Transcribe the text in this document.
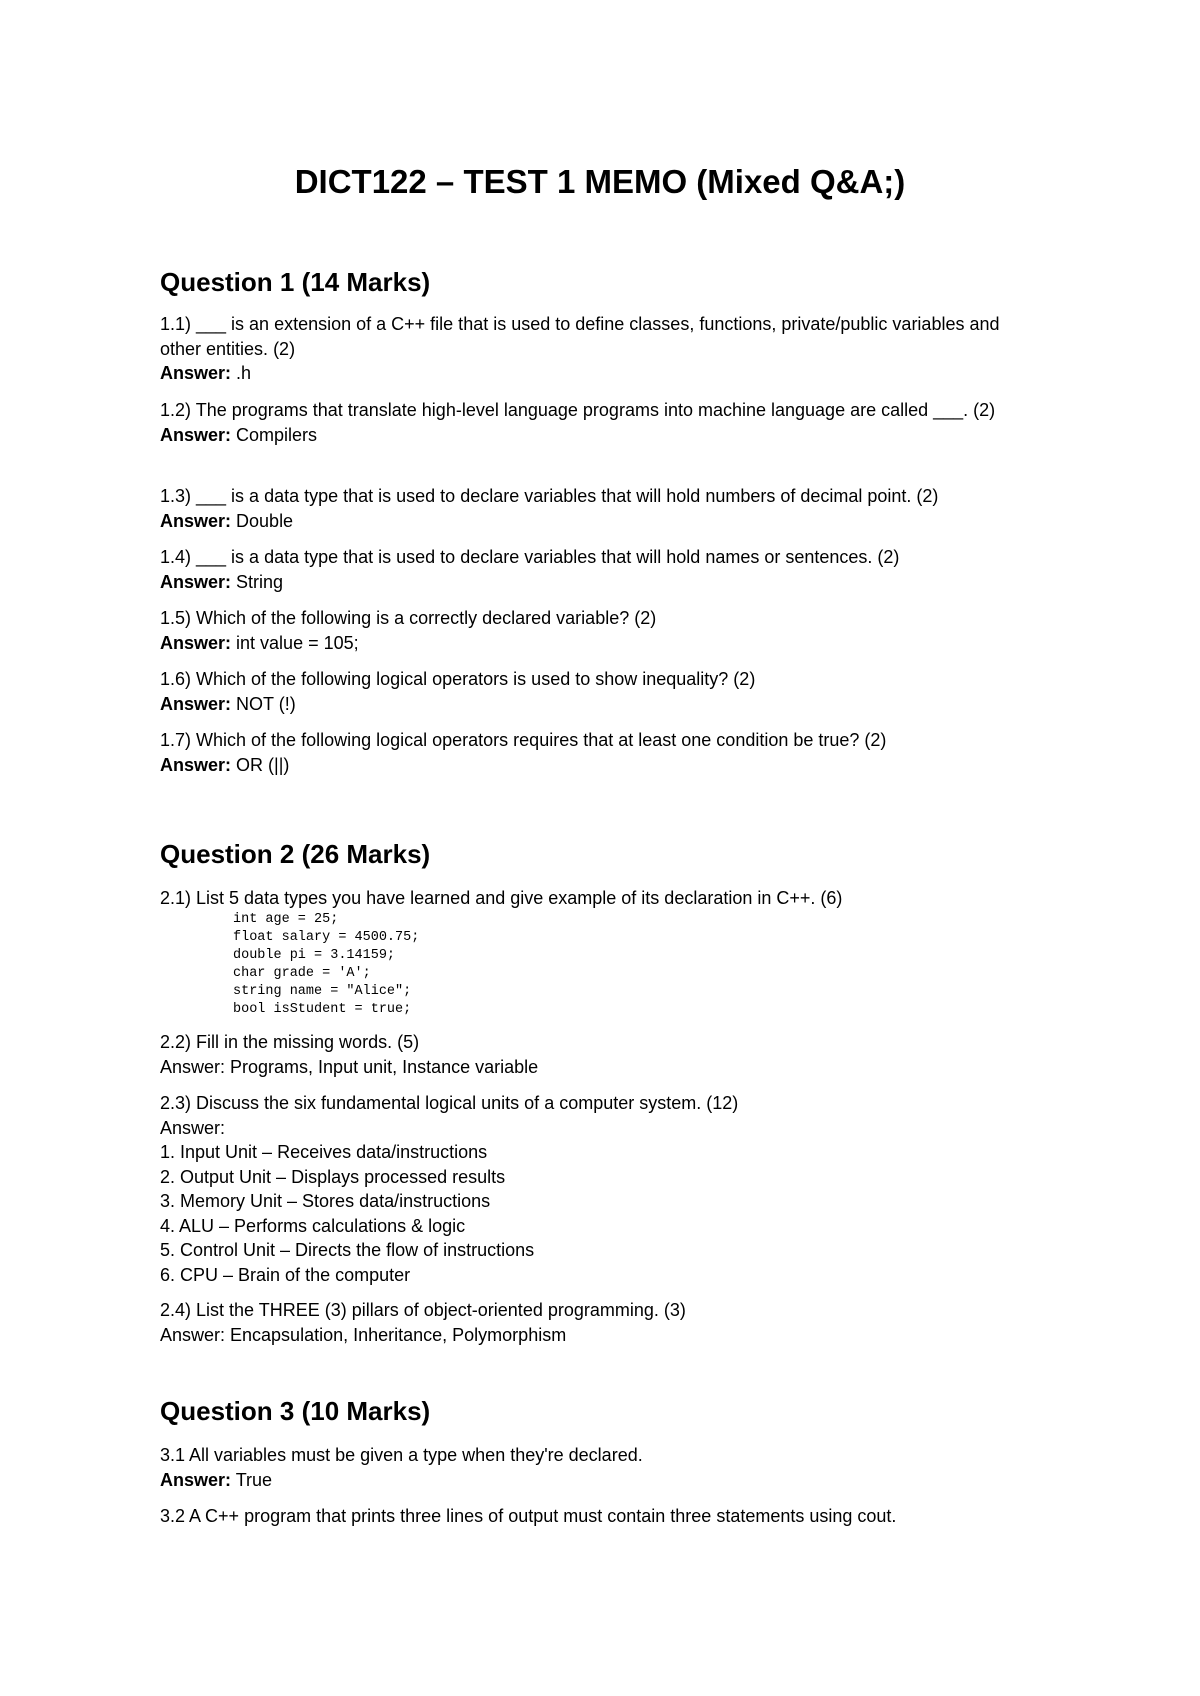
DICT122 – TEST 1 MEMO (Mixed Q&A;)
Question 1 (14 Marks)

1.1) ___ is an extension of a C++ file that is used to define classes, functions, private/public variables and other entities. (2)

Answer: .h

1.2) The programs that translate high-level language programs into machine language are called ___. (2)

Answer: Compilers

1.3) ___ is a data type that is used to declare variables that will hold numbers of decimal point. (2)

Answer: Double

1.4) ___ is a data type that is used to declare variables that will hold names or sentences. (2)

Answer: String

1.5) Which of the following is a correctly declared variable? (2)

Answer: int value = 105;

1.6) Which of the following logical operators is used to show inequality? (2)

Answer: NOT (!)

1.7) Which of the following logical operators requires that at least one condition be true? (2)

Answer: OR (||)

Question 2 (26 Marks)

2.1) List 5 data types you have learned and give example of its declaration in C++. (6)

int age = 25;
float salary = 4500.75;
double pi = 3.14159;
char grade = 'A';
string name = "Alice";
bool isStudent = true;

2.2) Fill in the missing words. (5)

Answer: Programs, Input unit, Instance variable

2.3) Discuss the six fundamental logical units of a computer system. (12)

Answer:

1. Input Unit – Receives data/instructions

2. Output Unit – Displays processed results

3. Memory Unit – Stores data/instructions

4. ALU – Performs calculations & logic

5. Control Unit – Directs the flow of instructions

6. CPU – Brain of the computer

2.4) List the THREE (3) pillars of object-oriented programming. (3)

Answer: Encapsulation, Inheritance, Polymorphism

Question 3 (10 Marks)

3.1 All variables must be given a type when they're declared.

Answer: True

3.2 A C++ program that prints three lines of output must contain three statements using cout.
